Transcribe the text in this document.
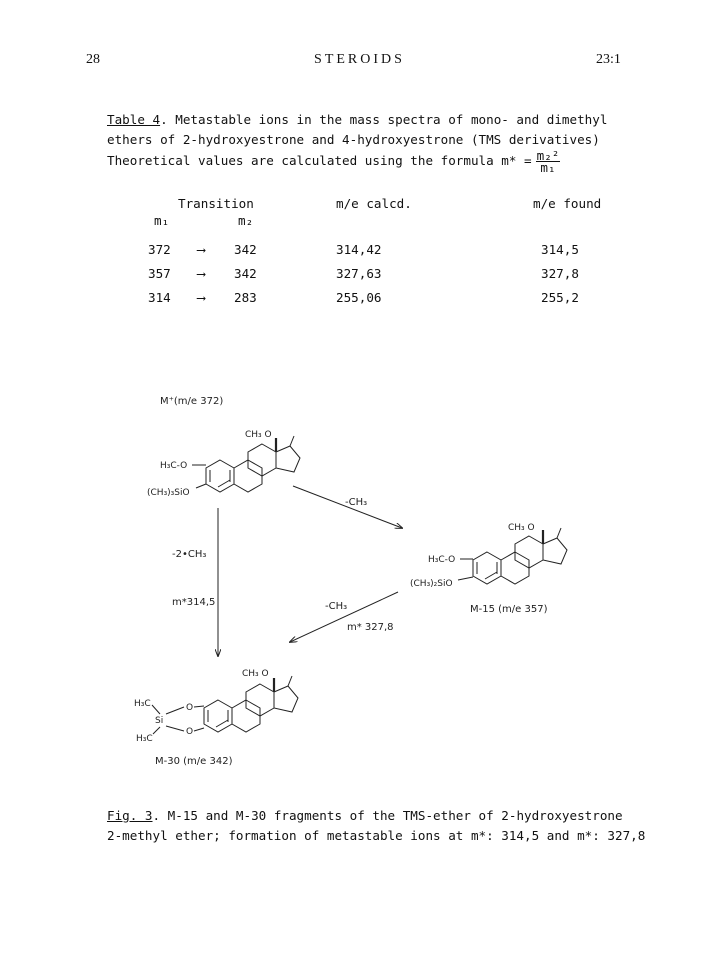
28	STEROIDS	23:1
Table 4. Metastable ions in the mass spectra of mono- and dimethyl
ethers of 2-hydroxyestrone and 4-hydroxyestrone (TMS derivatives)
Theoretical values are calculated using the formula $m* = \frac{\text{m₂²}}{\text{m₁}}$
Transition			m/e calcd.	m/e found
m₁		m₂		

372	⟶	342	314,42	314,5
357	⟶	342	327,63	327,8
314	⟶	283	255,06	255,2
M⁺(m/e 372)
CH₃ O
H₃C-O
(CH₃)₃SiO
-CH₃
CH₃ O
H₃C-O
(CH₃)₂SiO
M-15 (m/e 357)
-2•CH₃
m*314,5	-CH₃
m* 327,8
CH₃ O
H₃C
Si
H₃C
O
O
M-30 (m/e 342)
Fig. 3. M-15 and M-30 fragments of the TMS-ether of 2-hydroxyestrone
2-methyl ether; formation of metastable ions at m*: 314,5 and m*: 327,8
